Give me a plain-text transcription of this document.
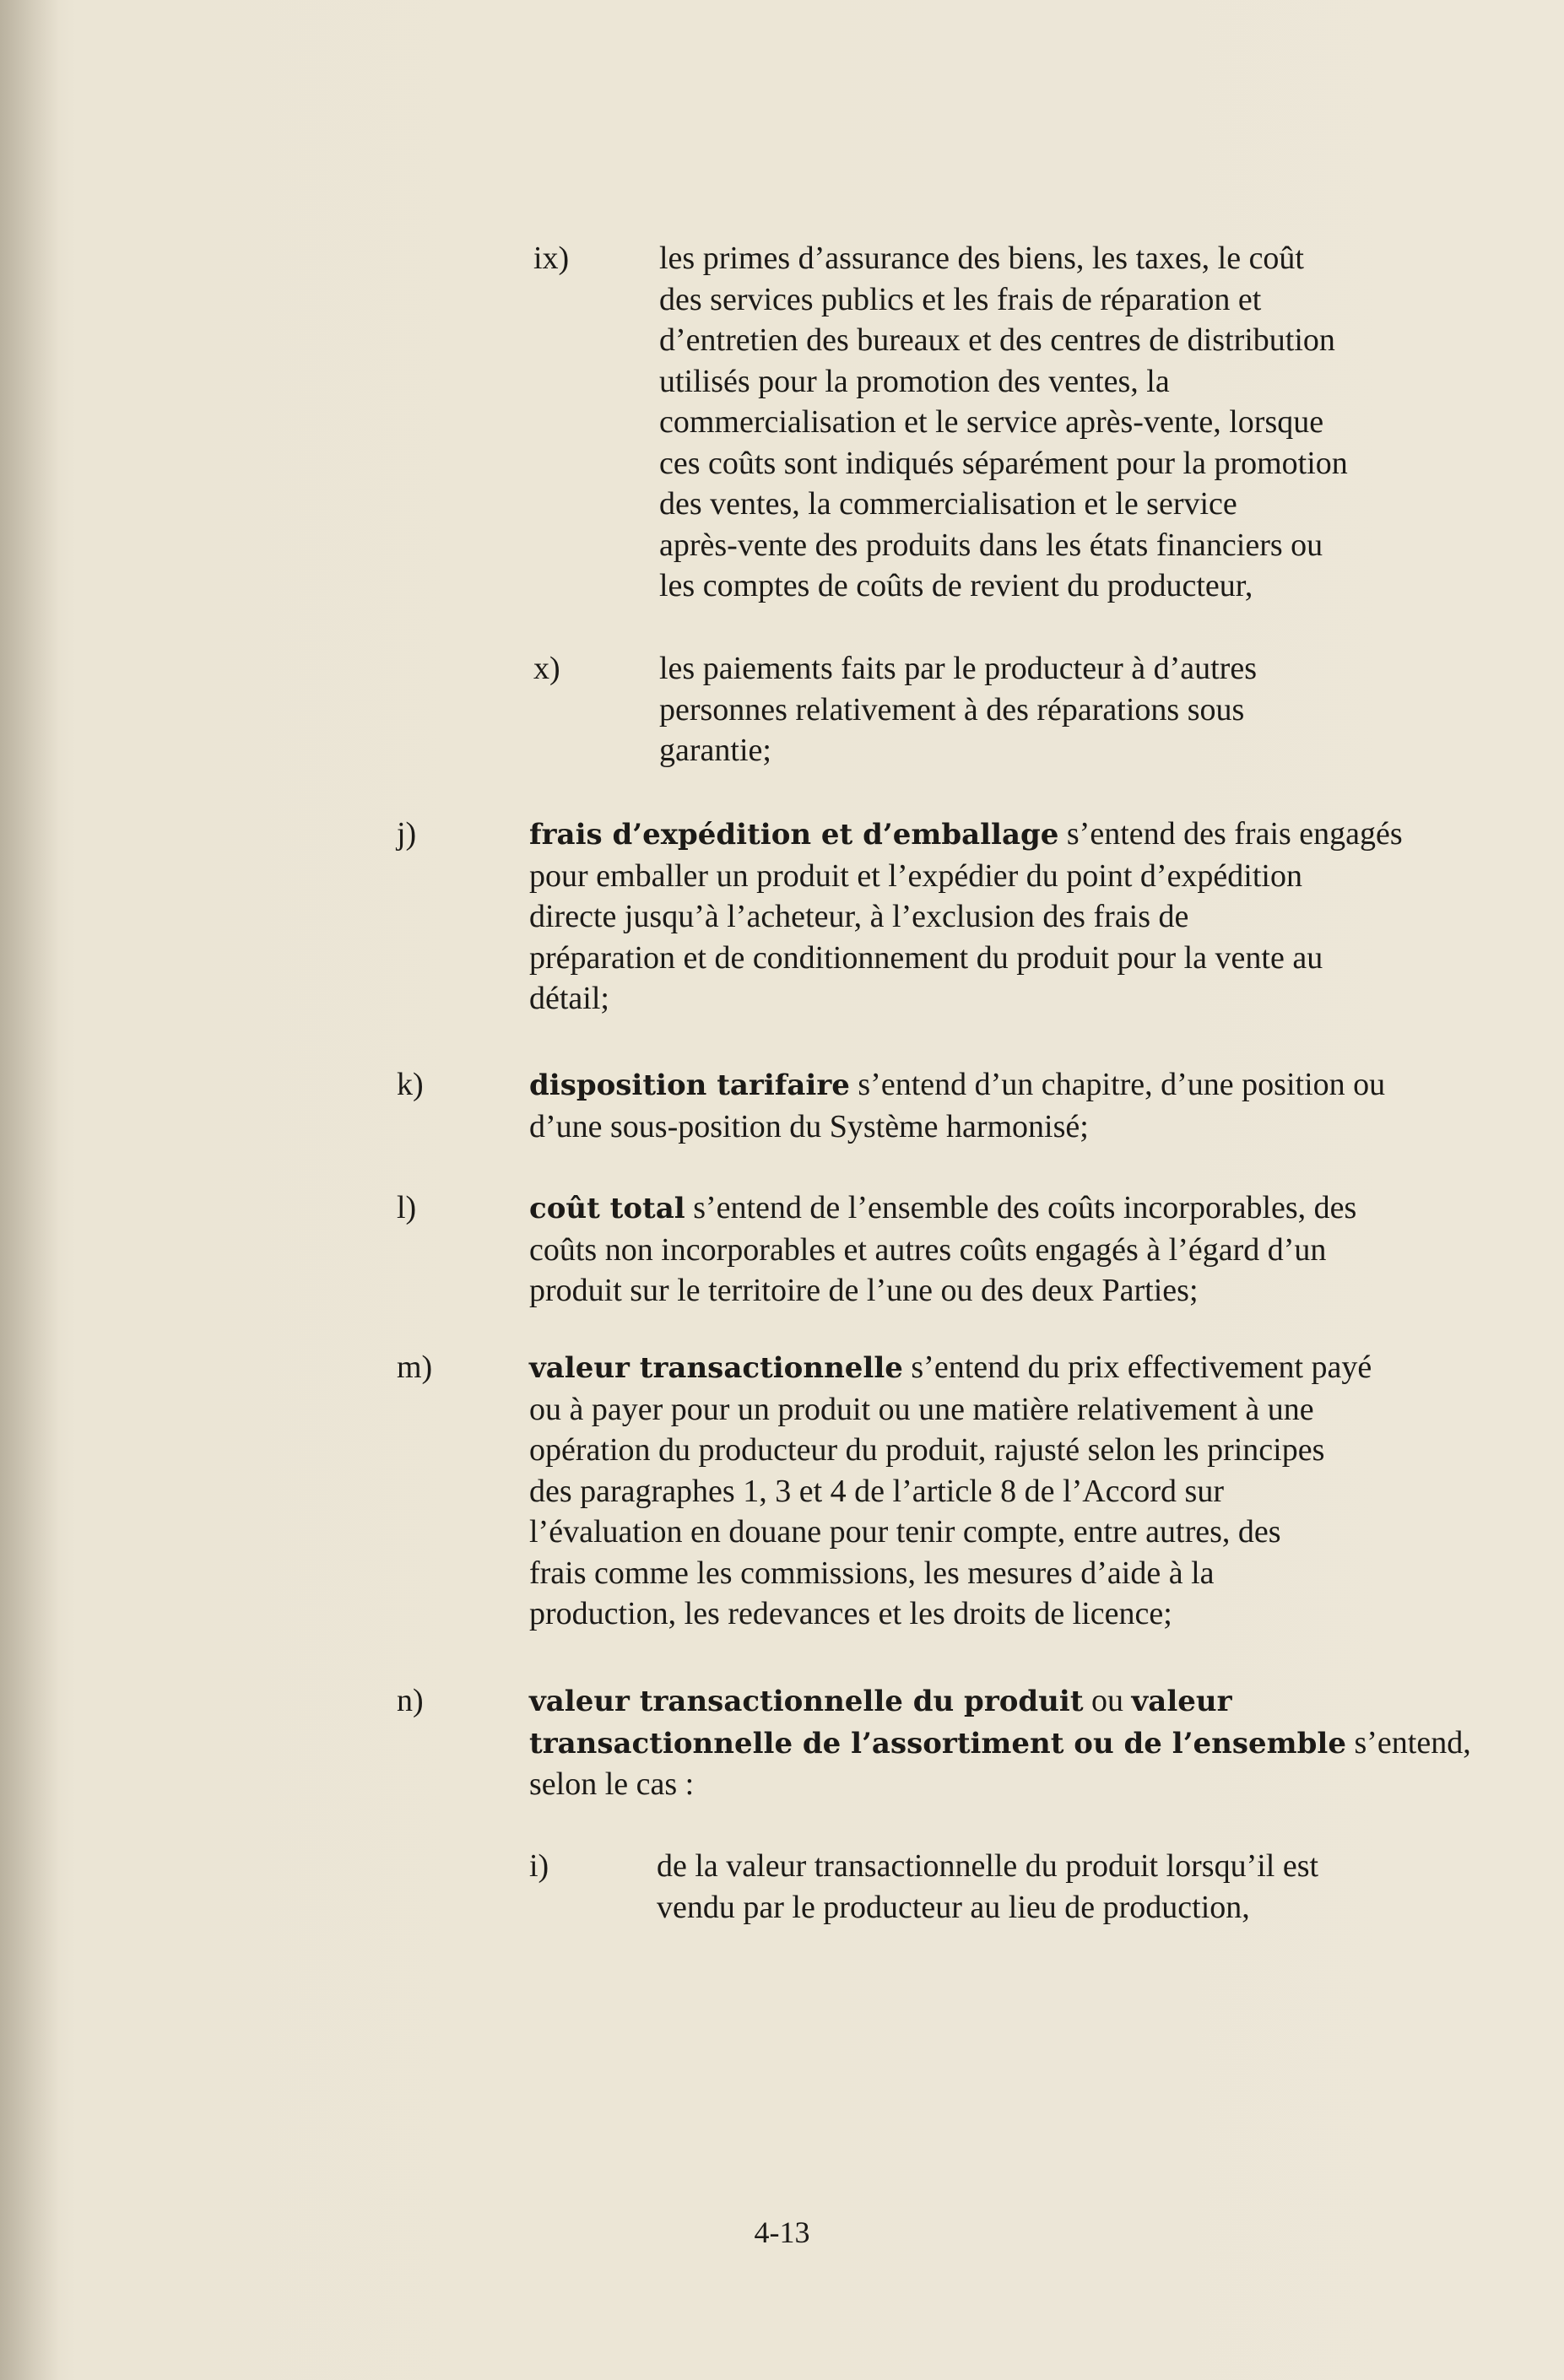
ix)	les primes d’assurance des biens, les taxes, le coût
des services publics et les frais de réparation et
d’entretien des bureaux et des centres de distribution
utilisés pour la promotion des ventes, la
commercialisation et le service après-vente, lorsque
ces coûts sont indiqués séparément pour la promotion
des ventes, la commercialisation et le service
après-vente des produits dans les états financiers ou
les comptes de coûts de revient du producteur,
x)	les paiements faits par le producteur à d’autres
personnes relativement à des réparations sous
garantie;
j)	frais d’expédition et d’emballage s’entend des frais engagés
pour emballer un produit et l’expédier du point d’expédition
directe jusqu’à l’acheteur, à l’exclusion des frais de
préparation et de conditionnement du produit pour la vente au
détail;
k)	disposition tarifaire s’entend d’un chapitre, d’une position ou
d’une sous-position du Système harmonisé;
l)	coût total s’entend de l’ensemble des coûts incorporables, des
coûts non incorporables et autres coûts engagés à l’égard d’un
produit sur le territoire de l’une ou des deux Parties;
m)	valeur transactionnelle s’entend du prix effectivement payé
ou à payer pour un produit ou une matière relativement à une
opération du producteur du produit, rajusté selon les principes
des paragraphes 1, 3 et 4 de l’article 8 de l’Accord sur
l’évaluation en douane pour tenir compte, entre autres, des
frais comme les commissions, les mesures d’aide à la
production, les redevances et les droits de licence;
n)	valeur transactionnelle du produit ou valeur
transactionnelle de l’assortiment ou de l’ensemble s’entend,
selon le cas :
i)	de la valeur transactionnelle du produit lorsqu’il est
vendu par le producteur au lieu de production,
4-13
